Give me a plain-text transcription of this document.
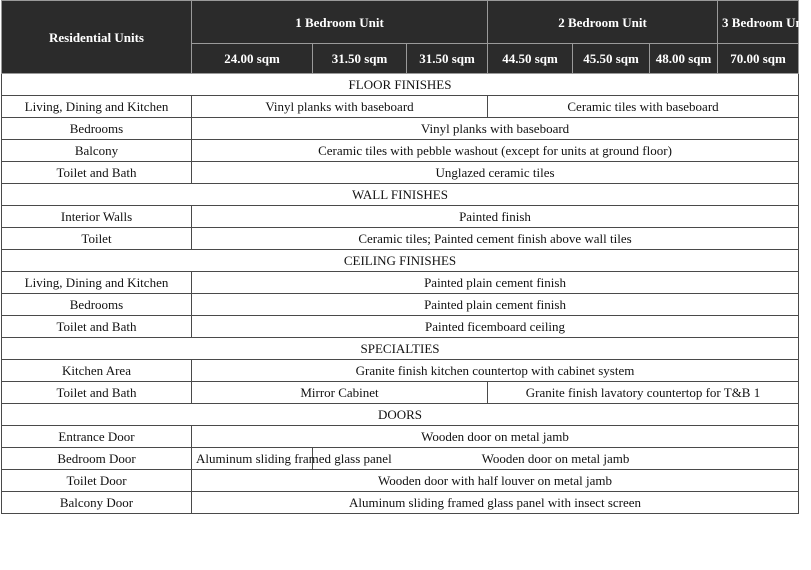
Residential Units	1 Bedroom Unit			2 Bedroom Unit			3 Bedroom Unit
	24.00 sqm	31.50 sqm	31.50 sqm	44.50 sqm	45.50 sqm	48.00 sqm	70.00 sqm
FLOOR FINISHES							
Living, Dining and Kitchen	Vinyl planks with baseboard			Ceramic tiles with baseboard			
Bedrooms	Vinyl planks with baseboard						
Balcony	Ceramic tiles with pebble washout (except for units at ground floor)						
Toilet and Bath	Unglazed ceramic tiles						
WALL FINISHES							
Interior Walls	Painted finish						
Toilet	Ceramic tiles; Painted cement finish above wall tiles						
CEILING FINISHES							
Living, Dining and Kitchen	Painted plain cement finish						
Bedrooms	Painted plain cement finish						
Toilet and Bath	Painted ficemboard ceiling						
SPECIALTIES							
Kitchen Area	Granite finish kitchen countertop with cabinet system						
Toilet and Bath	Mirror Cabinet			Granite finish lavatory countertop for T&B 1			
DOORS							
Entrance Door	Wooden door on metal jamb						
Bedroom Door	Aluminum sliding framed glass panel	Wooden door on metal jamb					
Toilet Door	Wooden door with half louver on metal jamb						
Balcony Door	Aluminum sliding framed glass panel with insect screen						
